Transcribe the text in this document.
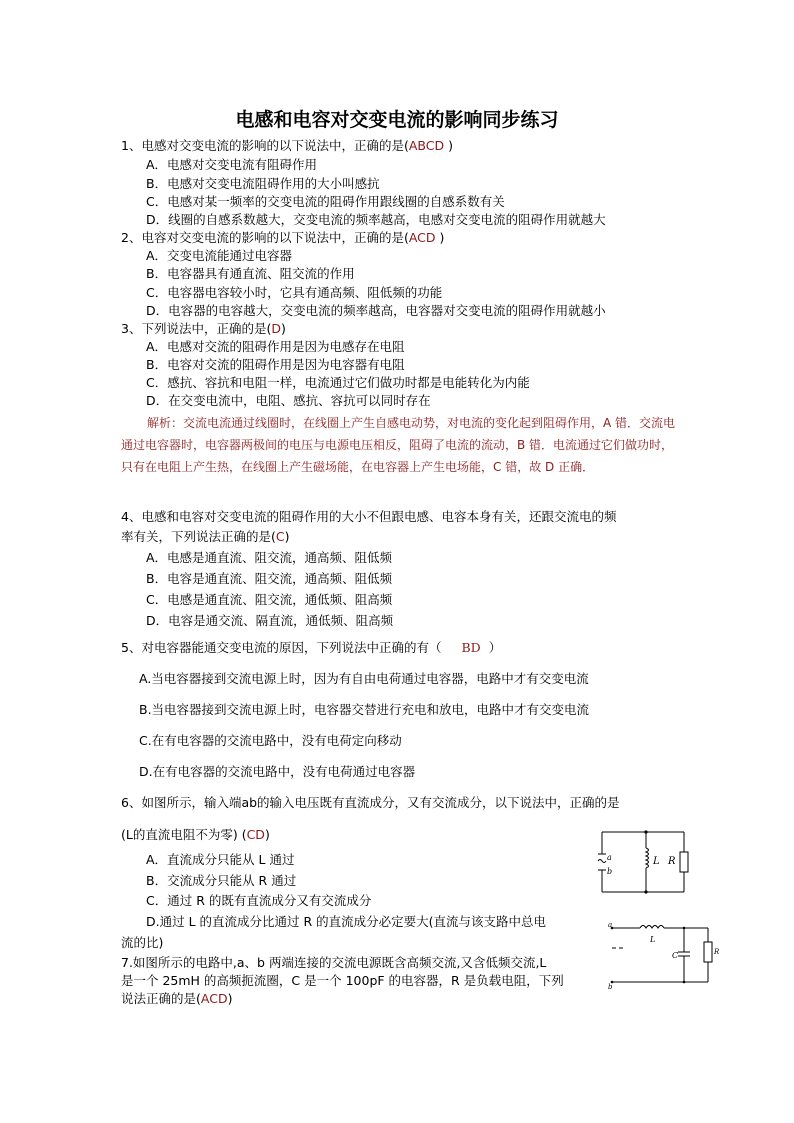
电感和电容对交变电流的影响同步练习
1、电感对交变电流的影响的以下说法中，正确的是(ABCD )
A．电感对交变电流有阻碍作用
B．电感对交变电流阻碍作用的大小叫感抗
C．电感对某一频率的交变电流的阻碍作用跟线圈的自感系数有关
D．线圈的自感系数越大，交变电流的频率越高，电感对交变电流的阻碍作用就越大
2、电容对交变电流的影响的以下说法中，正确的是(ACD )
A．交变电流能通过电容器
B．电容器具有通直流、阻交流的作用
C．电容器电容较小时，它具有通高频、阻低频的功能
D．电容器的电容越大，交变电流的频率越高，电容器对交变电流的阻碍作用就越小
3、下列说法中，正确的是(D)
A．电感对交流的阻碍作用是因为电感存在电阻
B．电容对交流的阻碍作用是因为电容器有电阻
C．感抗、容抗和电阻一样，电流通过它们做功时都是电能转化为内能
D．在交变电流中，电阻、感抗、容抗可以同时存在
解析：交流电流通过线圈时，在线圈上产生自感电动势，对电流的变化起到阻碍作用，A 错．交流电通过电容器时，电容器两极间的电压与电源电压相反，阻碍了电流的流动，B 错．电流通过它们做功时，只有在电阻上产生热，在线圈上产生磁场能，在电容器上产生电场能，C 错，故 D 正确．
4、电感和电容对交变电流的阻碍作用的大小不但跟电感、电容本身有关，还跟交流电的频
率有关，下列说法正确的是(C)
A．电感是通直流、阻交流，通高频、阻低频
B．电容是通直流、阻交流，通高频、阻低频
C．电感是通直流、阻交流，通低频、阻高频
D．电容是通交流、隔直流，通低频、阻高频
5、对电容器能通交变电流的原因，下列说法中正确的有（ BD ）
A.当电容器接到交流电源上时，因为有自由电荷通过电容器，电路中才有交变电流
B.当电容器接到交流电源上时，电容器交替进行充电和放电，电路中才有交变电流
C.在有电容器的交流电路中，没有电荷定向移动
D.在有电容器的交流电路中，没有电荷通过电容器
6、如图所示，输入端ab的输入电压既有直流成分，又有交流成分，以下说法中，正确的是
(L的直流电阻不为零) (CD)
A．直流成分只能从 L 通过
B．交流成分只能从 R 通过
C．通过 R 的既有直流成分又有交流成分
D.通过 L 的直流成分比通过 R 的直流成分必定要大(直流与该支路中总电
流的比)
7.如图所示的电路中,a、b 两端连接的交流电源既含高频交流,又含低频交流,L
是一个 25mH 的高频扼流圈，C 是一个 100pF 的电容器，R 是负载电阻，下列
说法正确的是(ACD)
a
b
L R
a
b
L
C	R
